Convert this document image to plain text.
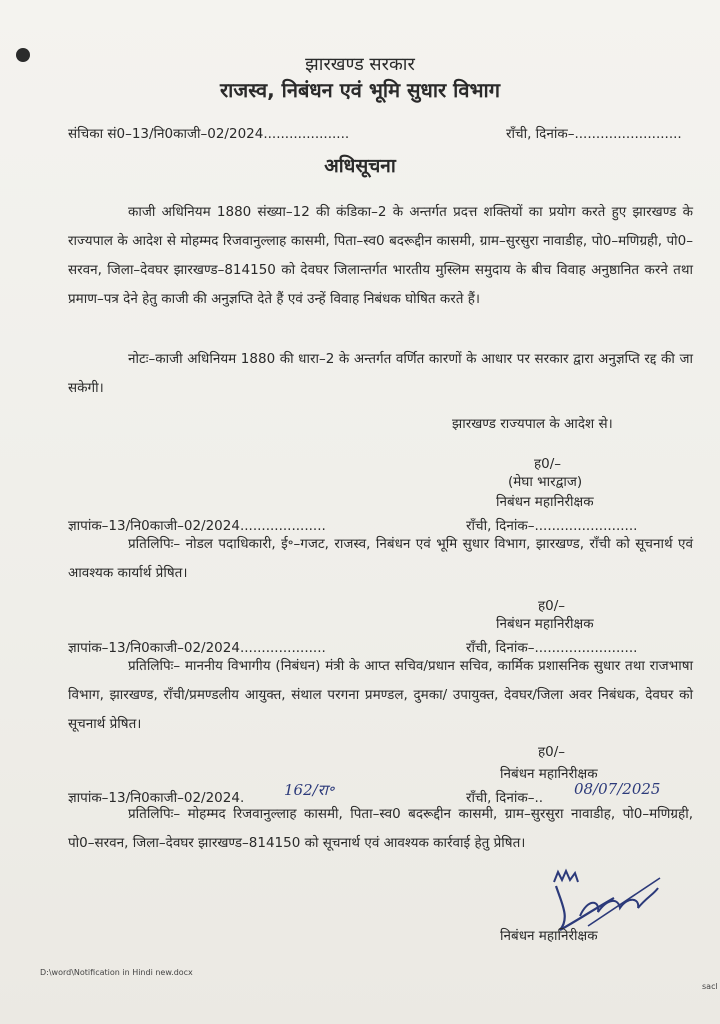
झारखण्ड सरकार
राजस्व, निबंधन एवं भूमि सुधार विभाग
संचिका सं0–13/नि0काजी–02/2024....................	राँची, दिनांक–.........................
अधिसूचना
काजी अधिनियम 1880 संख्या–12 की कंडिका–2 के अन्तर्गत प्रदत्त शक्तियों का प्रयोग करते हुए झारखण्ड के राज्यपाल के आदेश से मोहम्मद रिजवानुल्लाह कासमी, पिता–स्व0 बदरूद्दीन कासमी, ग्राम–सुरसुरा नावाडीह, पो0–मणिग्रही, पो0–सरवन, जिला–देवघर झारखण्ड–814150 को देवघर जिलान्तर्गत भारतीय मुस्लिम समुदाय के बीच विवाह अनुष्ठानित करने तथा प्रमाण–पत्र देने हेतु काजी की अनुज्ञप्ति देते हैं एवं उन्हें विवाह निबंधक घोषित करते हैं।
नोटः–काजी अधिनियम 1880 की धारा–2 के अन्तर्गत वर्णित कारणों के आधार पर सरकार द्वारा अनुज्ञप्ति रद्द की जा सकेगी।
झारखण्ड राज्यपाल के आदेश से।
ह0/–
(मेघा भारद्वाज)
निबंधन महानिरीक्षक
ज्ञापांक–13/नि0काजी–02/2024....................	राँची, दिनांक–........................
प्रतिलिपिः– नोडल पदाधिकारी, ई॰–गजट, राजस्व, निबंधन एवं भूमि सुधार विभाग, झारखण्ड, राँची को सूचनार्थ एवं आवश्यक कार्यार्थ प्रेषित।
ह0/–
निबंधन महानिरीक्षक
ज्ञापांक–13/नि0काजी–02/2024....................	राँची, दिनांक–........................
प्रतिलिपिः– माननीय विभागीय (निबंधन) मंत्री के आप्त सचिव/प्रधान सचिव, कार्मिक प्रशासनिक सुधार तथा राजभाषा विभाग, झारखण्ड, राँची/प्रमण्डलीय आयुक्त, संथाल परगना प्रमण्डल, दुमका/ उपायुक्त, देवघर/जिला अवर निबंधक, देवघर को सूचनार्थ प्रेषित।
ह0/–
निबंधन महानिरीक्षक
ज्ञापांक–13/नि0काजी–02/2024.	162/रा॰	राँची, दिनांक–.. 08/07/2025
प्रतिलिपिः– मोहम्मद रिजवानुल्लाह कासमी, पिता–स्व0 बदरूद्दीन कासमी, ग्राम–सुरसुरा नावाडीह, पो0–मणिग्रही, पो0–सरवन, जिला–देवघर झारखण्ड–814150 को सूचनार्थ एवं आवश्यक कार्रवाई हेतु प्रेषित।
निबंधन महानिरीक्षक
D:\word\Notification in Hindi new.docx
sacl
